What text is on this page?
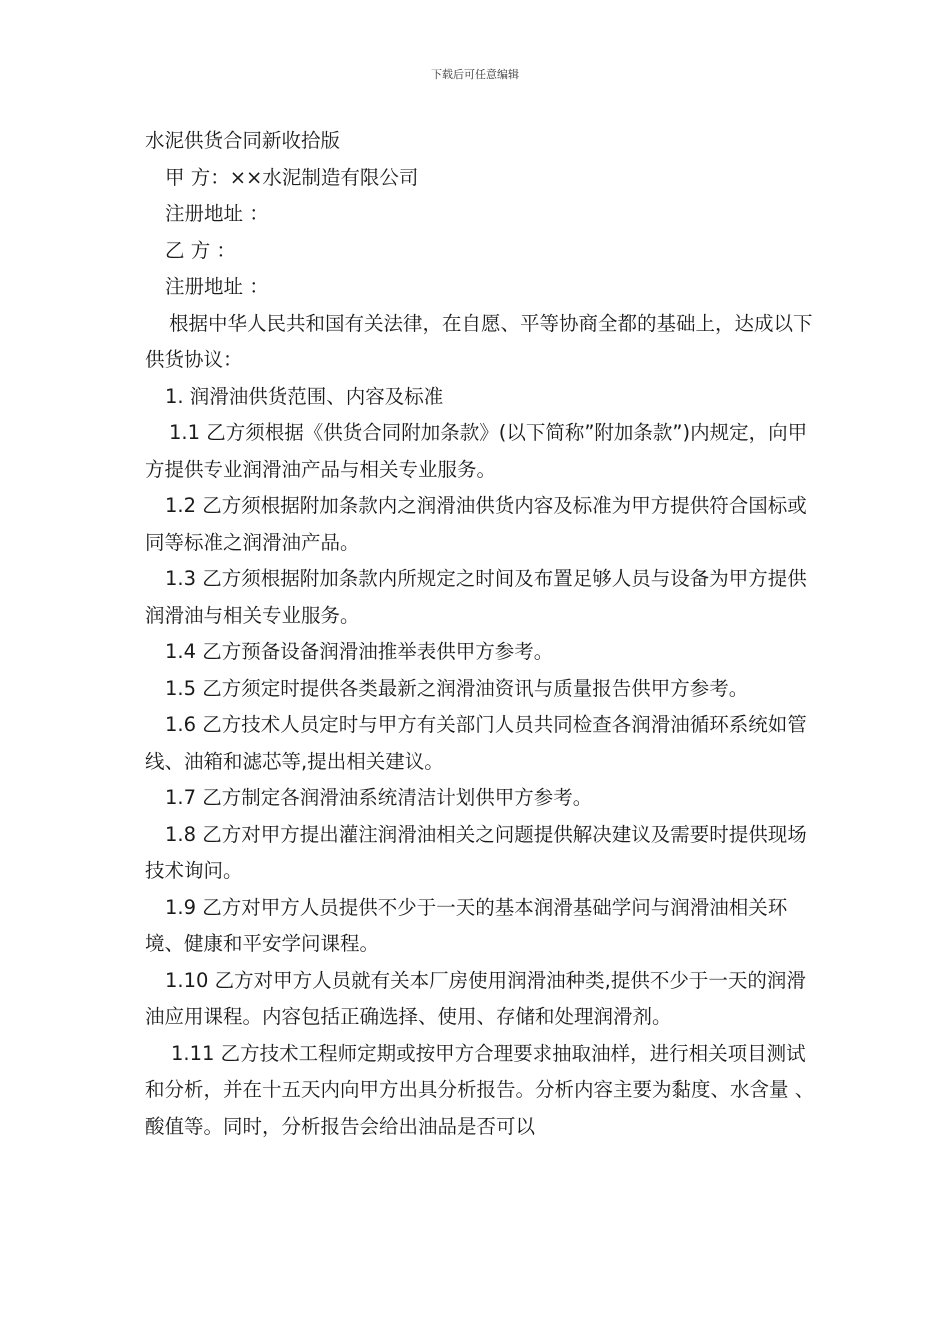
下载后可任意编辑

水泥供货合同新收拾版

甲 方：××水泥制造有限公司

注册地址 ：

乙 方 ：

注册地址 ：

根据中华人民共和国有关法律，在自愿、平等协商全都的基础上，达成以下供货协议：

1. 润滑油供货范围、内容及标准

1.1 乙方须根据《供货合同附加条款》(以下简称”附加条款”)内规定，向甲方提供专业润滑油产品与相关专业服务。

1.2 乙方须根据附加条款内之润滑油供货内容及标准为甲方提供符合国标或同等标准之润滑油产品。

1.3 乙方须根据附加条款内所规定之时间及布置足够人员与设备为甲方提供润滑油与相关专业服务。

1.4 乙方预备设备润滑油推举表供甲方参考。

1.5 乙方须定时提供各类最新之润滑油资讯与质量报告供甲方参考。

1.6 乙方技术人员定时与甲方有关部门人员共同检查各润滑油循环系统如管线、油箱和滤芯等,提出相关建议。

1.7 乙方制定各润滑油系统清洁计划供甲方参考。

1.8 乙方对甲方提出灌注润滑油相关之问题提供解决建议及需要时提供现场技术询问。

1.9 乙方对甲方人员提供不少于一天的基本润滑基础学问与润滑油相关环境、健康和平安学问课程。

1.10 乙方对甲方人员就有关本厂房使用润滑油种类,提供不少于一天的润滑油应用课程。内容包括正确选择、使用、存储和处理润滑剂。

1.11 乙方技术工程师定期或按甲方合理要求抽取油样，进行相关项目测试和分析，并在十五天内向甲方出具分析报告。分析内容主要为黏度、水含量 、酸值等。同时，分析报告会给出油品是否可以
